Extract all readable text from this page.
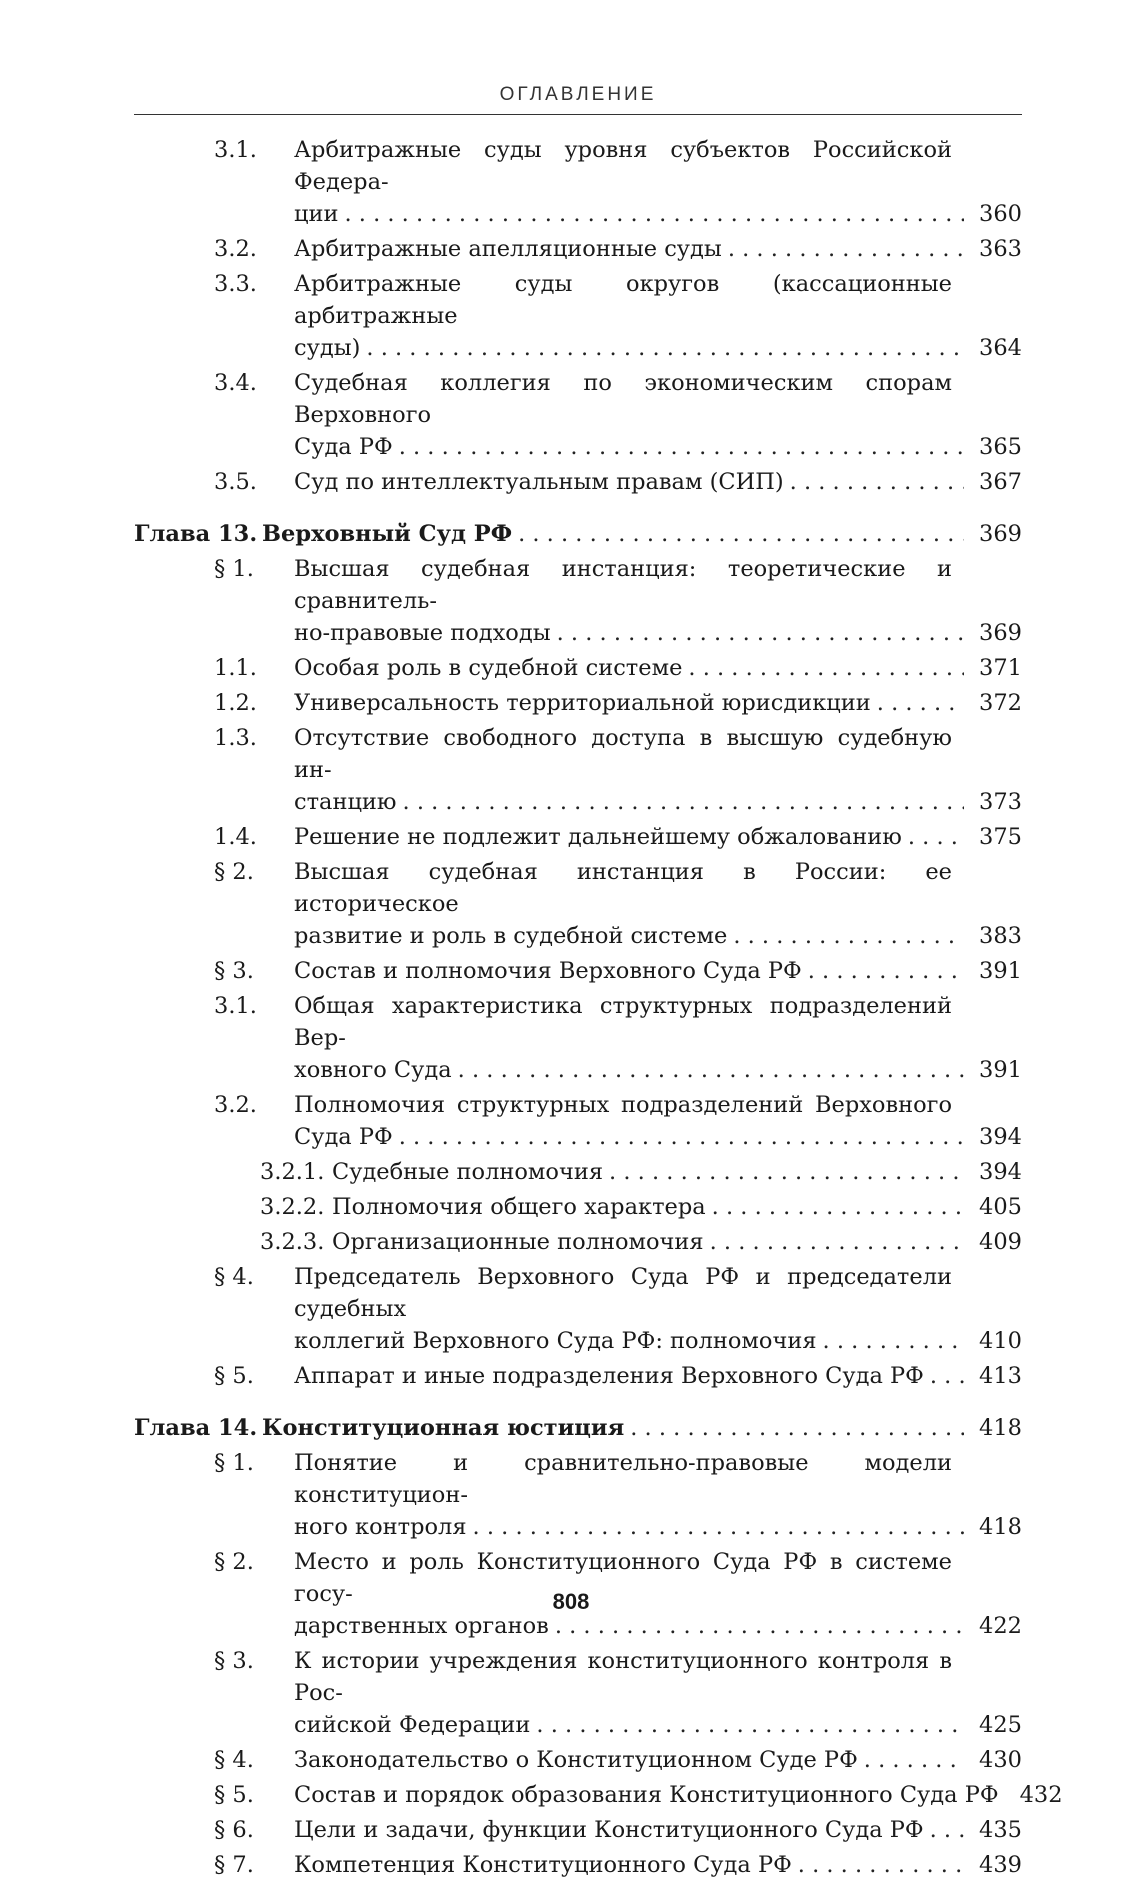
ОГЛАВЛЕНИЕ
3.1.	Арбитражные суды уровня субъектов Российской Федера-
ции . . .	360
3.2.	Арбитражные апелляционные суды . . .	363
3.3.	Арбитражные суды округов (кассационные арбитражные
суды) . . .	364
3.4.	Судебная коллегия по экономическим спорам Верховного
Суда РФ . . .	365
3.5.	Суд по интеллектуальным правам (СИП) . . .	367
Глава 13. Верховный Суд РФ . . .	369
§ 1.	Высшая судебная инстанция: теоретические и сравнитель-
но-правовые подходы . . .	369
1.1.	Особая роль в судебной системе . . .	371
1.2.	Универсальность территориальной юрисдикции . . .	372
1.3.	Отсутствие свободного доступа в высшую судебную ин-
станцию . . .	373
1.4.	Решение не подлежит дальнейшему обжалованию . . .	375
§ 2.	Высшая судебная инстанция в России: ее историческое
развитие и роль в судебной системе . . .	383
§ 3.	Состав и полномочия Верховного Суда РФ . . .	391
3.1.	Общая характеристика структурных подразделений Вер-
ховного Суда . . .	391
3.2.	Полномочия структурных подразделений Верховного
Суда РФ . . .	394
3.2.1. Судебные полномочия . . .	394
3.2.2. Полномочия общего характера . . .	405
3.2.3. Организационные полномочия . . .	409
§ 4.	Председатель Верховного Суда РФ и председатели судебных
коллегий Верховного Суда РФ: полномочия . . .	410
§ 5.	Аппарат и иные подразделения Верховного Суда РФ . . . 413
Глава 14. Конституционная юстиция . . .	418
§ 1.	Понятие и сравнительно-правовые модели конституцион-
ного контроля . . .	418
§ 2.	Место и роль Конституционного Суда РФ в системе госу-
дарственных органов . . .	422
§ 3.	К истории учреждения конституционного контроля в Рос-
сийской Федерации . . .	425
§ 4.	Законодательство о Конституционном Суде РФ . . .	430
§ 5.	Состав и порядок образования Конституционного Суда РФ 432
§ 6.	Цели и задачи, функции Конституционного Суда РФ . . . 435
§ 7.	Компетенция Конституционного Суда РФ . . .	439
808
